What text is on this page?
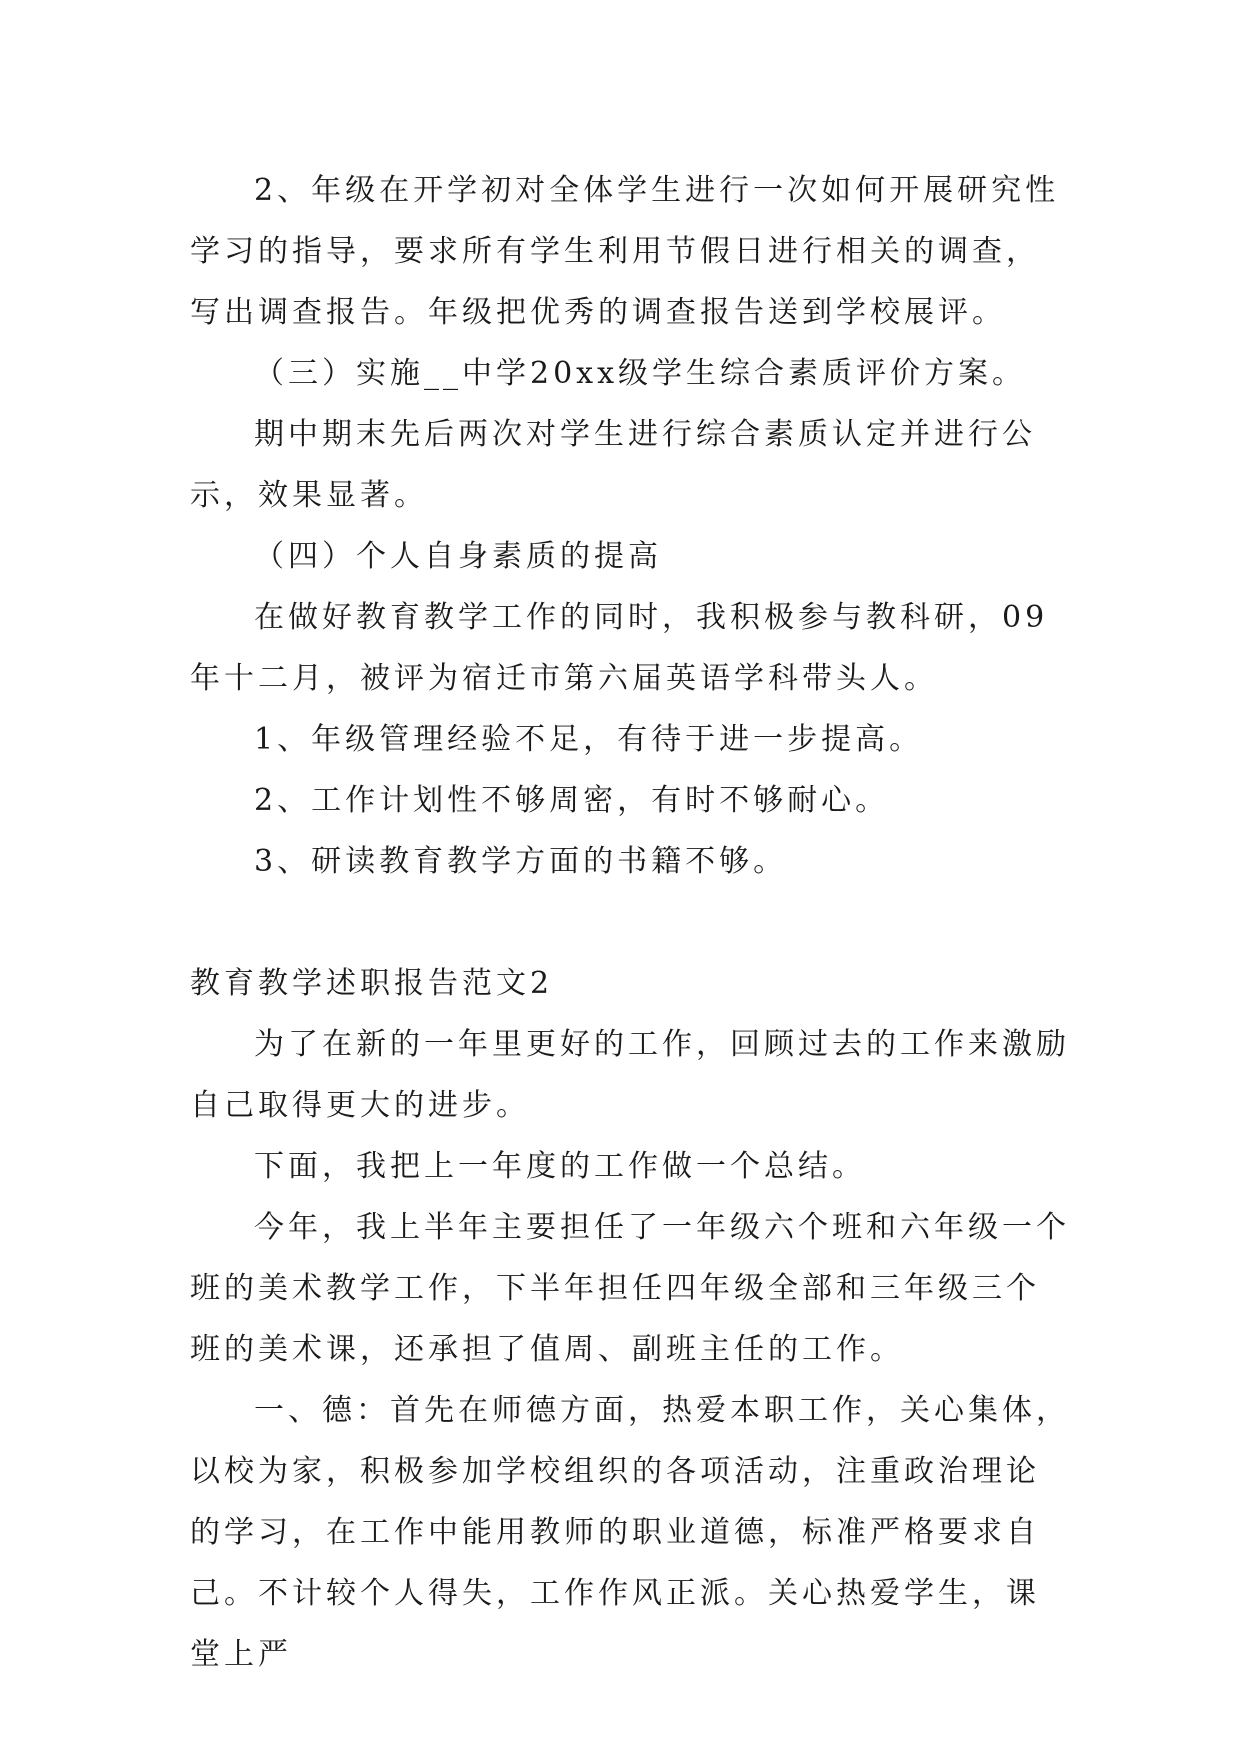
2、年级在开学初对全体学生进行一次如何开展研究性学习的指导，要求所有学生利用节假日进行相关的调查，写出调查报告。年级把优秀的调查报告送到学校展评。

（三）实施__中学20xx级学生综合素质评价方案。

期中期末先后两次对学生进行综合素质认定并进行公示，效果显著。

（四）个人自身素质的提高

在做好教育教学工作的同时，我积极参与教科研，09年十二月，被评为宿迁市第六届英语学科带头人。

1、年级管理经验不足，有待于进一步提高。

2、工作计划性不够周密，有时不够耐心。

3、研读教育教学方面的书籍不够。

教育教学述职报告范文2

为了在新的一年里更好的工作，回顾过去的工作来激励自己取得更大的进步。

下面，我把上一年度的工作做一个总结。

今年，我上半年主要担任了一年级六个班和六年级一个班的美术教学工作，下半年担任四年级全部和三年级三个班的美术课，还承担了值周、副班主任的工作。

一、德：首先在师德方面，热爱本职工作，关心集体，以校为家，积极参加学校组织的各项活动，注重政治理论的学习，在工作中能用教师的职业道德，标准严格要求自己。不计较个人得失，工作作风正派。关心热爱学生，课堂上严
